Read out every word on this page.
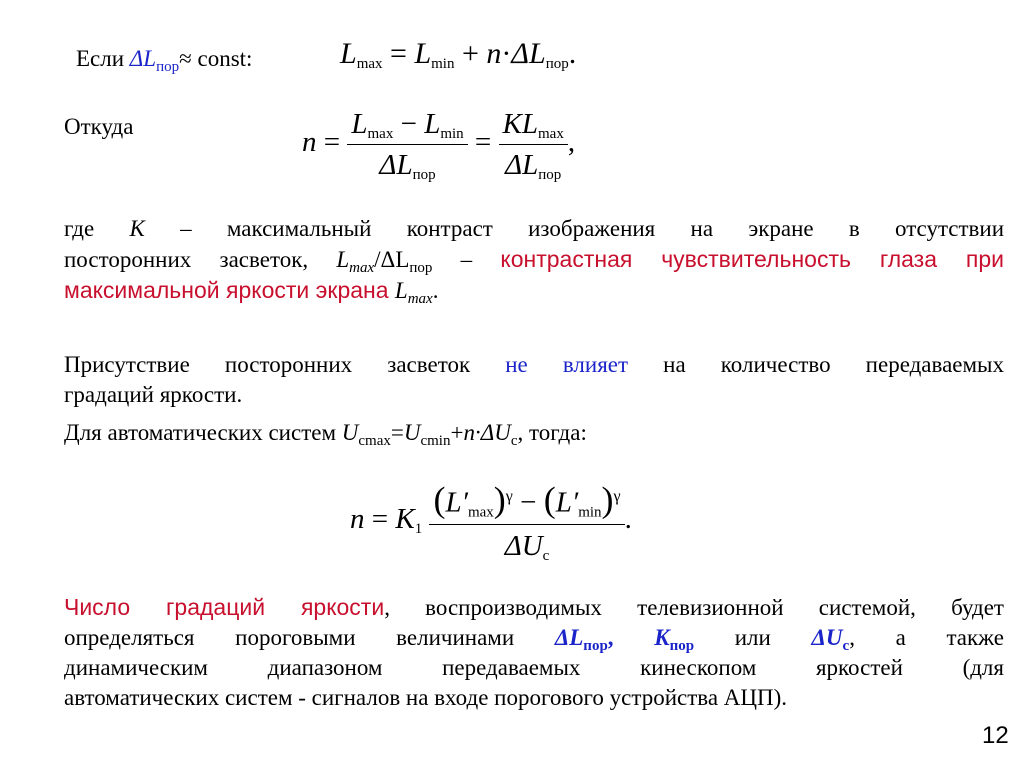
Если $\Delta L_{пор}\approx$ const:	$L_{max} = L_{min} + n\cdot\Delta L_{пор}$.
Откуда	$n = \frac{L_{max} - L_{min}}{\Delta L_{пор}} = \frac{KL_{max}}{\Delta L_{пор}}$ ,
где K – максимальный контраст изображения на экране в отсутствии
посторонних засветок, $L_{max}/\Delta L_{пор}$ – контрастная чувствительность глаза при
максимальной яркости экрана $L_{max}$.
Присутствие посторонних засветок не влияет на количество передаваемых
градаций яркости.
Для автоматических систем $U_{cmax}=U_{cmin}+n\cdot\Delta U_c$, тогда:
$n = K_1 \frac{(L'_{max})^\gamma - (L'_{min})^\gamma}{\Delta U_c}$ .
Число градаций яркости, воспроизводимых телевизионной системой, будет
определяться пороговыми величинами $\Delta L_{пор}$, $K_{пор}$ или $\Delta U_c$, а также
динамическим диапазоном передаваемых кинескопом яркостей (для
автоматических систем - сигналов на входе порогового устройства АЦП).
12
